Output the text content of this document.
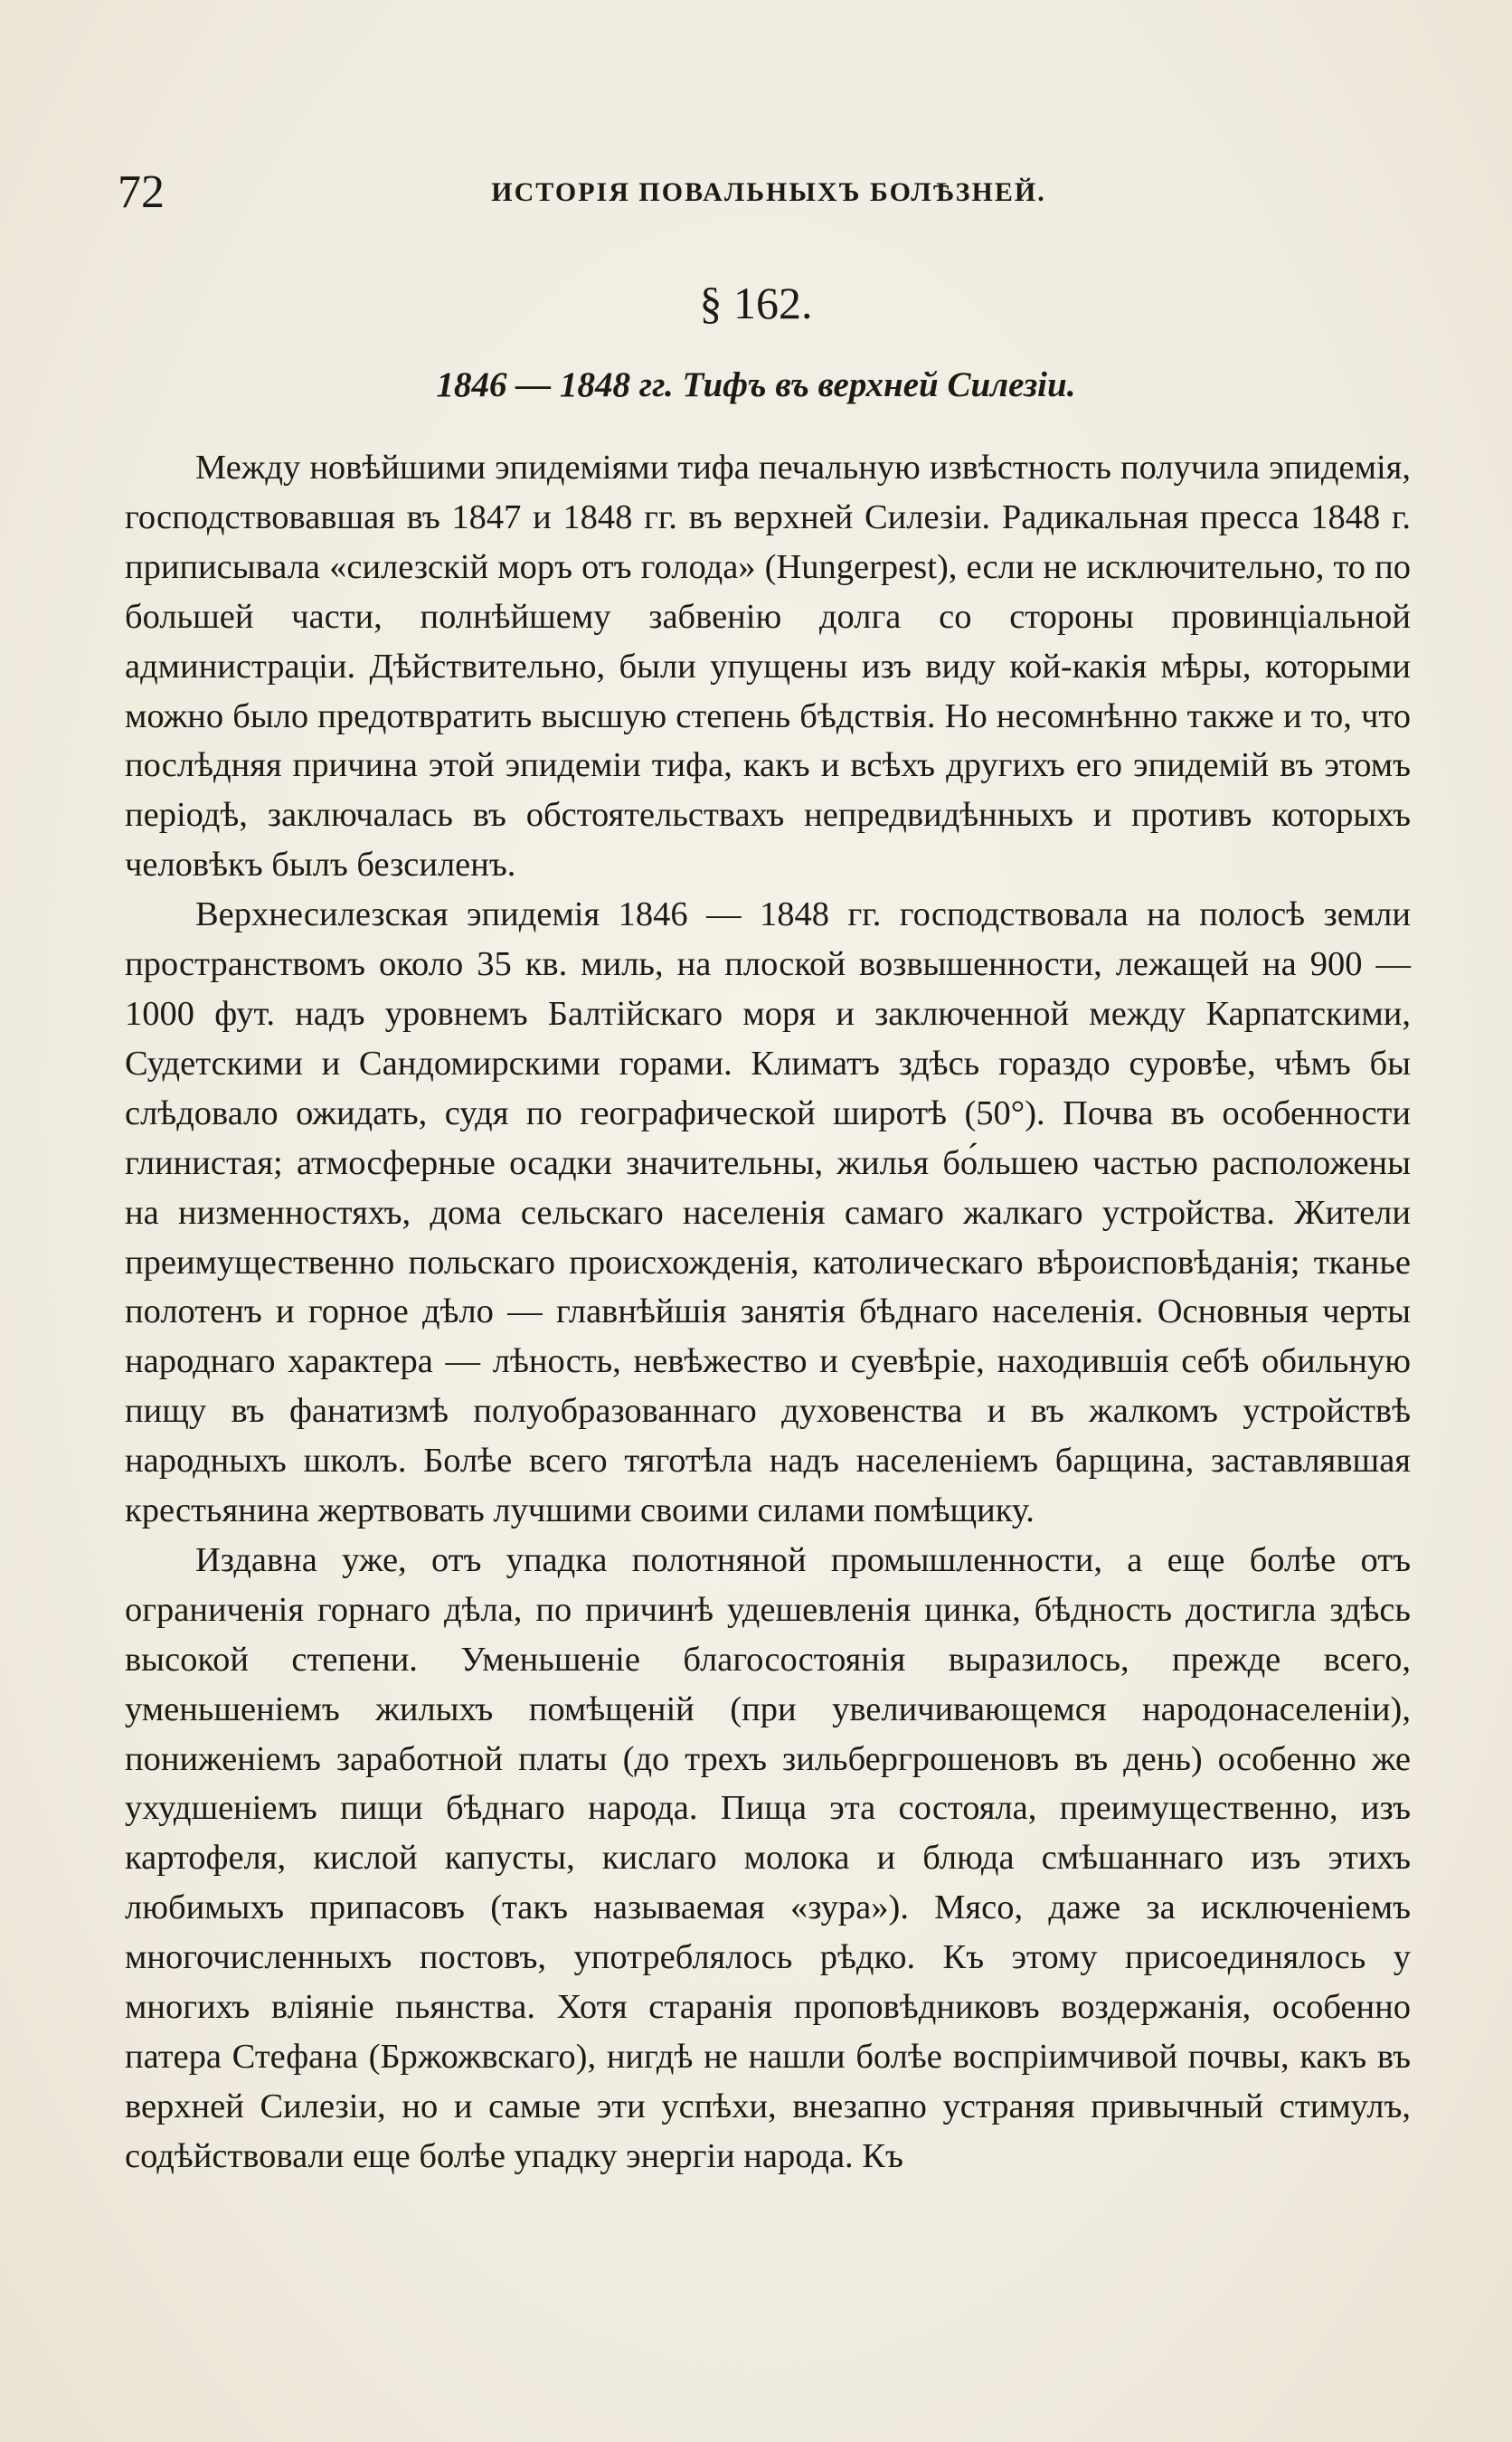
72	ИСТОРІЯ ПОВАЛЬНЫХЪ БОЛѢЗНЕЙ.
§ 162.
1846 — 1848 гг. Тифъ въ верхней Силезіи.

Между новѣйшими эпидеміями тифа печальную извѣстность получила эпидемія, господствовавшая въ 1847 и 1848 гг. въ верхней Силезіи. Радикальная пресса 1848 г. приписывала «силезскій моръ отъ голода» (Hungerpest), если не исключительно, то по большей части, полнѣйшему забвенію долга со стороны провинціальной администраціи. Дѣйствительно, были упущены изъ виду кой-какія мѣры, которыми можно было предотвратить высшую степень бѣдствія. Но несомнѣнно также и то, что послѣдняя причина этой эпидеміи тифа, какъ и всѣхъ другихъ его эпидемій въ этомъ періодѣ, заключалась въ обстоятельствахъ непредвидѣнныхъ и противъ которыхъ человѣкъ былъ безсиленъ.

Верхнесилезская эпидемія 1846 — 1848 гг. господствовала на полосѣ земли пространствомъ около 35 кв. миль, на плоской возвышенности, лежащей на 900 — 1000 фут. надъ уровнемъ Балтійскаго моря и заключенной между Карпатскими, Судетскими и Сандомирскими горами. Климатъ здѣсь гораздо суровѣе, чѣмъ бы слѣдовало ожидать, судя по географической широтѣ (50°). Почва въ особенности глинистая; атмосферные осадки значительны, жилья бо́льшею частью расположены на низменностяхъ, дома сельскаго населенія самаго жалкаго устройства. Жители преимущественно польскаго происхожденія, католическаго вѣроисповѣданія; тканье полотенъ и горное дѣло — главнѣйшія занятія бѣднаго населенія. Основныя черты народнаго характера — лѣность, невѣжество и суевѣріе, находившія себѣ обильную пищу въ фанатизмѣ полуобразованнаго духовенства и въ жалкомъ устройствѣ народныхъ школъ. Болѣе всего тяготѣла надъ населеніемъ барщина, заставлявшая крестьянина жертвовать лучшими своими силами помѣщику.

Издавна уже, отъ упадка полотняной промышленности, а еще болѣе отъ ограниченія горнаго дѣла, по причинѣ удешевленія цинка, бѣдность достигла здѣсь высокой степени. Уменьшеніе благосостоянія выразилось, прежде всего, уменьшеніемъ жилыхъ помѣщеній (при увеличивающемся народонаселеніи), пониженіемъ заработной платы (до трехъ зильбергрошеновъ въ день) особенно же ухудшеніемъ пищи бѣднаго народа. Пища эта состояла, преимущественно, изъ картофеля, кислой капусты, кислаго молока и блюда смѣшаннаго изъ этихъ любимыхъ припасовъ (такъ называемая «зура»). Мясо, даже за исключеніемъ многочисленныхъ постовъ, употреблялось рѣдко. Къ этому присоединялось у многихъ вліяніе пьянства. Хотя старанія проповѣдниковъ воздержанія, особенно патера Стефана (Бржожвскаго), нигдѣ не нашли болѣе воспріимчивой почвы, какъ въ верхней Силезіи, но и самые эти успѣхи, внезапно устраняя привычный стимулъ, содѣйствовали еще болѣе упадку энергіи народа. Къ
